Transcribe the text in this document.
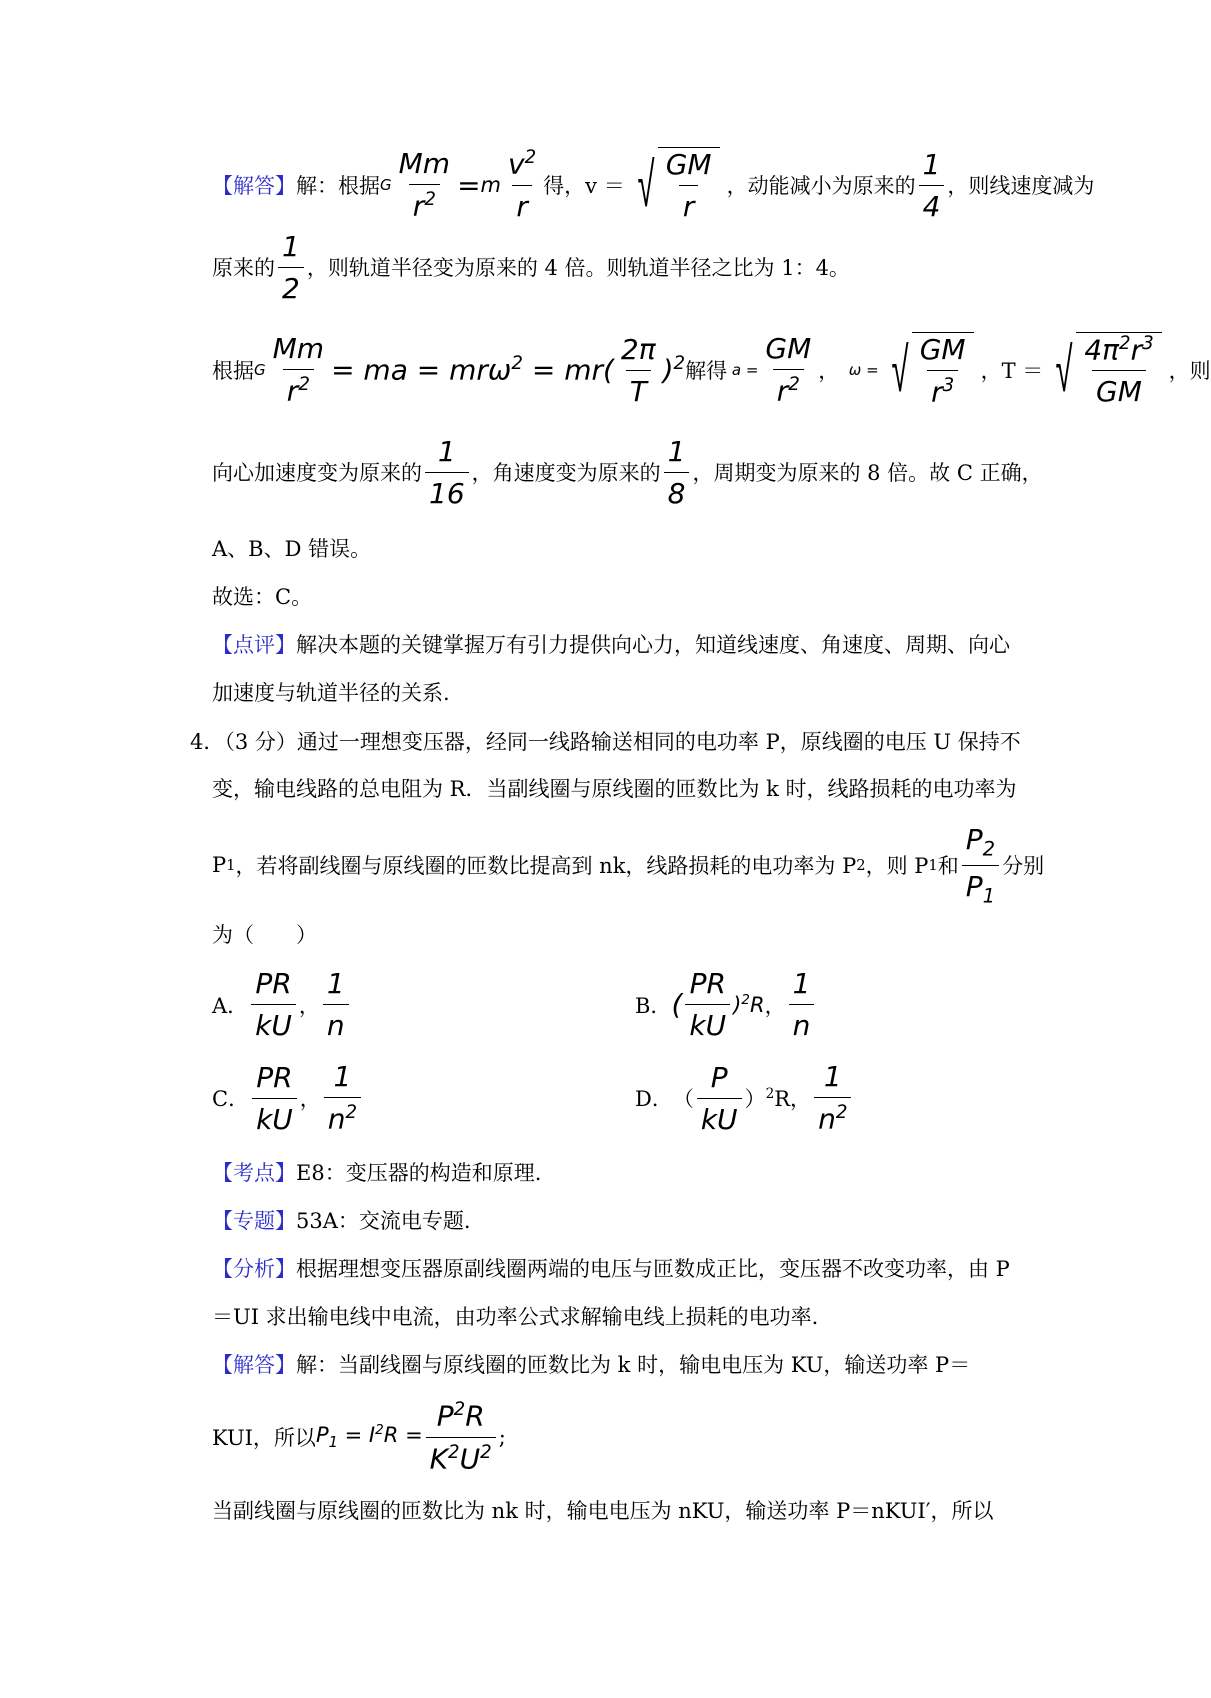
【解答】 解：根据 G $\frac{Mm}{r^2} = m \frac{v^2}{r}$ 得，v ＝ √ $\frac{GM}{r}$ ，动能减小为原来的 $\frac{1}{4}$ ，则线速度减为
原来的 $\frac{1}{2}$ ，则轨道半径变为原来的 4 倍。则轨道半径之比为 1：4。
根据 G $\frac{Mm}{r^2}$ = ma = $mr\omega^2 = mr( \frac{2\pi}{T} )^2$ 解得 $a = \frac{GM}{r^2}$ ， ω = √ $\frac{GM}{r^3}$ ，T ＝ √ $\frac{4\pi^2r^3}{GM}$ ，则
向心加速度变为原来的 $\frac{1}{16}$ ，角速度变为原来的 $\frac{1}{8}$ ，周期变为原来的 8 倍。故 C 正确，
A、B、D 错误。
故选：C。
【点评】 解决本题的关键掌握万有引力提供向心力，知道线速度、角速度、周期、向心
加速度与轨道半径的关系.
4．（3 分）通过一理想变压器，经同一线路输送相同的电功率 P，原线圈的电压 U 保持不
变，输电线路的总电阻为 R．当副线圈与原线圈的匝数比为 k 时，线路损耗的电功率为
P 1 ，若将副线圈与原线圈的匝数比提高到 nk，线路损耗的电功率为 P 2 ，则 P 1 和 $\frac{P_2}{P_1}$ 分别
为（　　）
A． $\frac{PR}{kU}$ ， $\frac{1}{n}$	B． ( $\frac{PR}{kU} )^2R$ ， $\frac{1}{n}$
C． $\frac{PR}{kU}$ ， $\frac{1}{n^2}$	D． （ $\frac{P}{kU} )^2R$， $\frac{1}{n^2}$
【考点】 E8：变压器的构造和原理.
【专题】 53A：交流电专题.
【分析】 根据理想变压器原副线圈两端的电压与匝数成正比，变压器不改变功率，由 P
＝UI 求出输电线中电流，由功率公式求解输电线上损耗的电功率.
【解答】 解：当副线圈与原线圈的匝数比为 k 时，输电电压为 KU，输送功率 P＝
KUI，所以 $P_1 = I^2R = \frac{P^2R}{K^2U^2}$ ;
当副线圈与原线圈的匝数比为 nk 时，输电电压为 nKU，输送功率 P＝nKUI′，所以
